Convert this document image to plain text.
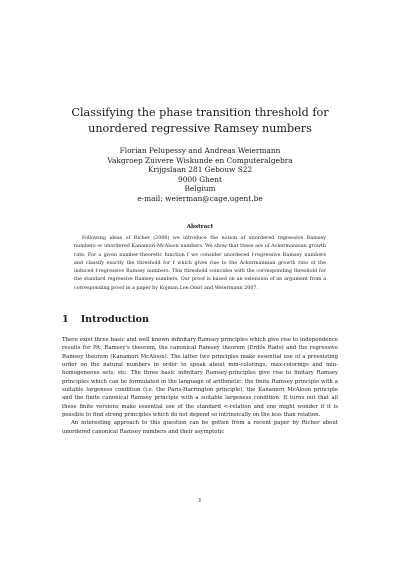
Classifying the phase transition threshold for
unordered regressive Ramsey numbers
Florian Pelupessy and Andreas Weiermann
Vakgroep Zuivere Wiskunde en Computeralgebra
Krijgslaan 281 Gebouw S22
9000 Ghent
Belgium
e-mail: weierman@cage.ugent.be
Abstract

Following ideas of Richer (2000) we introduce the notion of unordered regressive Ramsey numbers or unordered Kanamori-McAloon numbers. We show that these are of Ackermannian growth rate. For a given number-theoretic function f we consider unordered f-regressive Ramsey numbers and classify exactly the threshold for f which gives rise to the Ackermannian growth rate of the induced f-regressive Ramsey numbers. This threshold coincides with the corresponding threshold for the standard regressive Ramsey numbers. Our proof is based on an extension of an argument from a corresponding proof in a paper by Kojman,Lee,Omri and Weiermann 2007.

1 Introduction

There exist three basic and well known infinitary Ramsey principles which give rise to independence results for PA: Ramsey's theorem, the canonical Ramsey theorem (Erdős Rado) and the regressive Ramsey theorem (Kanamori McAloon). The latter two principles make essential use of a preexisting order on the natural numbers in order to speak about min-colorings, max-colorings and min-homogeneous sets, etc. The three basic infinitary Ramsey-principles give rise to finitary Ramsey principles which can be formulated in the language of arithmetic: the finite Ramsey principle with a suitable largeness condition (i.e. the Paris-Harrington principle), the Kanamori McAloon principle and the finite canonical Ramsey principle with a suitable largeness condition. It turns out that all these finite versions make essential use of the standard <-relation and one might wonder if it is possible to find strong principles which do not depend so intrinsically on the less than relation.

An interesting approach to this question can be gotten from a recent paper by Richer about unordered canonical Ramsey numbers and their asymptotic

1
